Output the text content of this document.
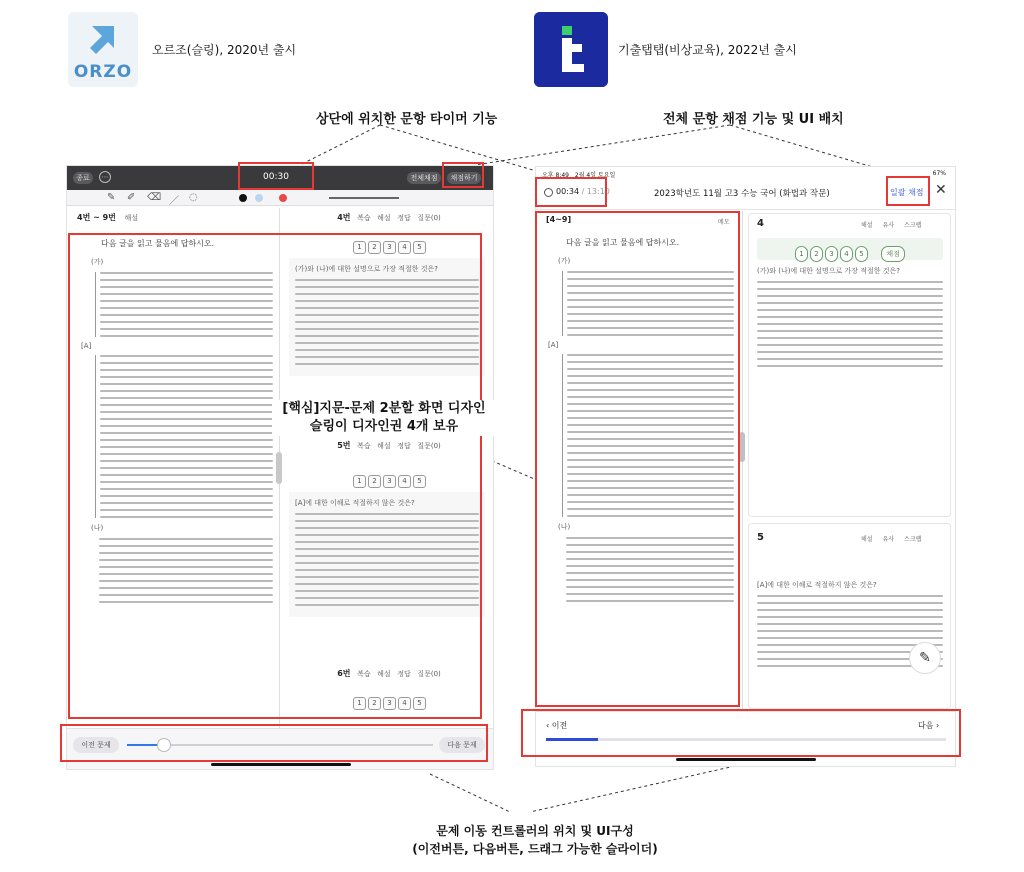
ORZO
오르조(슬링), 2020년 출시	기출탭탭(비상교육), 2022년 출시
상단에 위치한 문항 타이머 기능	전체 문항 채점 기능 및 UI 배치
종료	⋯	00:30	전체채점	채점하기
✎ ✐ ⌫ ／ ◌
4번 ~ 9번 해설
다음 글을 읽고 물음에 답하시오.
(가)
[A]
(나)
4번 복습 해설 정답 질문(0)
1 2 3 4 5
(가)와 (나)에 대한 설명으로 가장 적절한 것은?
5번 복습 해설 정답 질문(0)
1 2 3 4 5
[A]에 대한 이해로 적절하지 않은 것은?
6번 복습 해설 정답 질문(0)
1 2 3 4 5
이전 문제	다음 문제
오후 8:49 2월 4일 토요일	67%
00:34 / 13:10	2023학년도 11월 고3 수능 국어 (화법과 작문)	일괄 채점 ✕
[4~9]	메모
다음 글을 읽고 물음에 답하시오.
(가)
[A]
(나)
4	해설 유사 스크랩
1 2 3 4 5	채점
(가)와 (나)에 대한 설명으로 가장 적절한 것은?
5	해설 유사 스크랩
[A]에 대한 이해로 적절하지 않은 것은?
✎
‹ 이전	다음 ›
[핵심]지문-문제 2분할 화면 디자인
슬링이 디자인권 4개 보유
문제 이동 컨트롤러의 위치 및 UI구성
(이전버튼, 다음버튼, 드래그 가능한 슬라이더)
